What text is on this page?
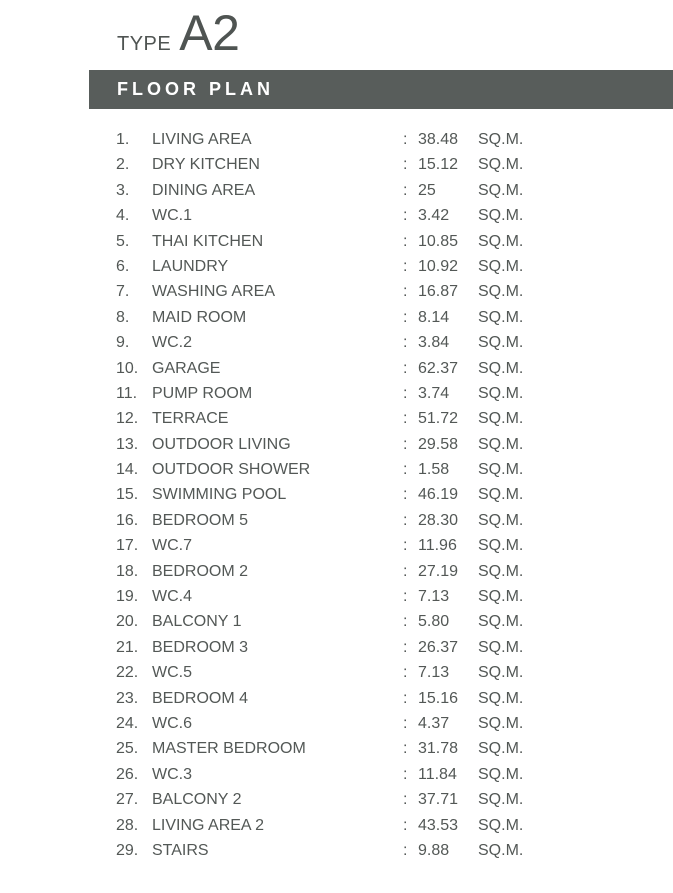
TYPE A2
FLOOR PLAN
1. LIVING AREA	: 38.48 SQ.M.
2. DRY KITCHEN	: 15.12 SQ.M.
3. DINING AREA	: 25	SQ.M.
4. WC.1	: 3.42 SQ.M.
5. THAI KITCHEN	: 10.85 SQ.M.
6. LAUNDRY	: 10.92 SQ.M.
7. WASHING AREA	: 16.87 SQ.M.
8. MAID ROOM	: 8.14 SQ.M.
9. WC.2	: 3.84 SQ.M.
10. GARAGE	: 62.37 SQ.M.
11. PUMP ROOM	: 3.74 SQ.M.
12. TERRACE	: 51.72 SQ.M.
13. OUTDOOR LIVING	: 29.58 SQ.M.
14. OUTDOOR SHOWER	: 1.58 SQ.M.
15. SWIMMING POOL	: 46.19 SQ.M.
16. BEDROOM 5	: 28.30 SQ.M.
17. WC.7	: 11.96 SQ.M.
18. BEDROOM 2	: 27.19 SQ.M.
19. WC.4	: 7.13 SQ.M.
20. BALCONY 1	: 5.80 SQ.M.
21. BEDROOM 3	: 26.37 SQ.M.
22. WC.5	: 7.13 SQ.M.
23. BEDROOM 4	: 15.16 SQ.M.
24. WC.6	: 4.37 SQ.M.
25. MASTER BEDROOM	: 31.78 SQ.M.
26. WC.3	: 11.84 SQ.M.
27. BALCONY 2	: 37.71 SQ.M.
28. LIVING AREA 2	: 43.53 SQ.M.
29. STAIRS	: 9.88 SQ.M.
